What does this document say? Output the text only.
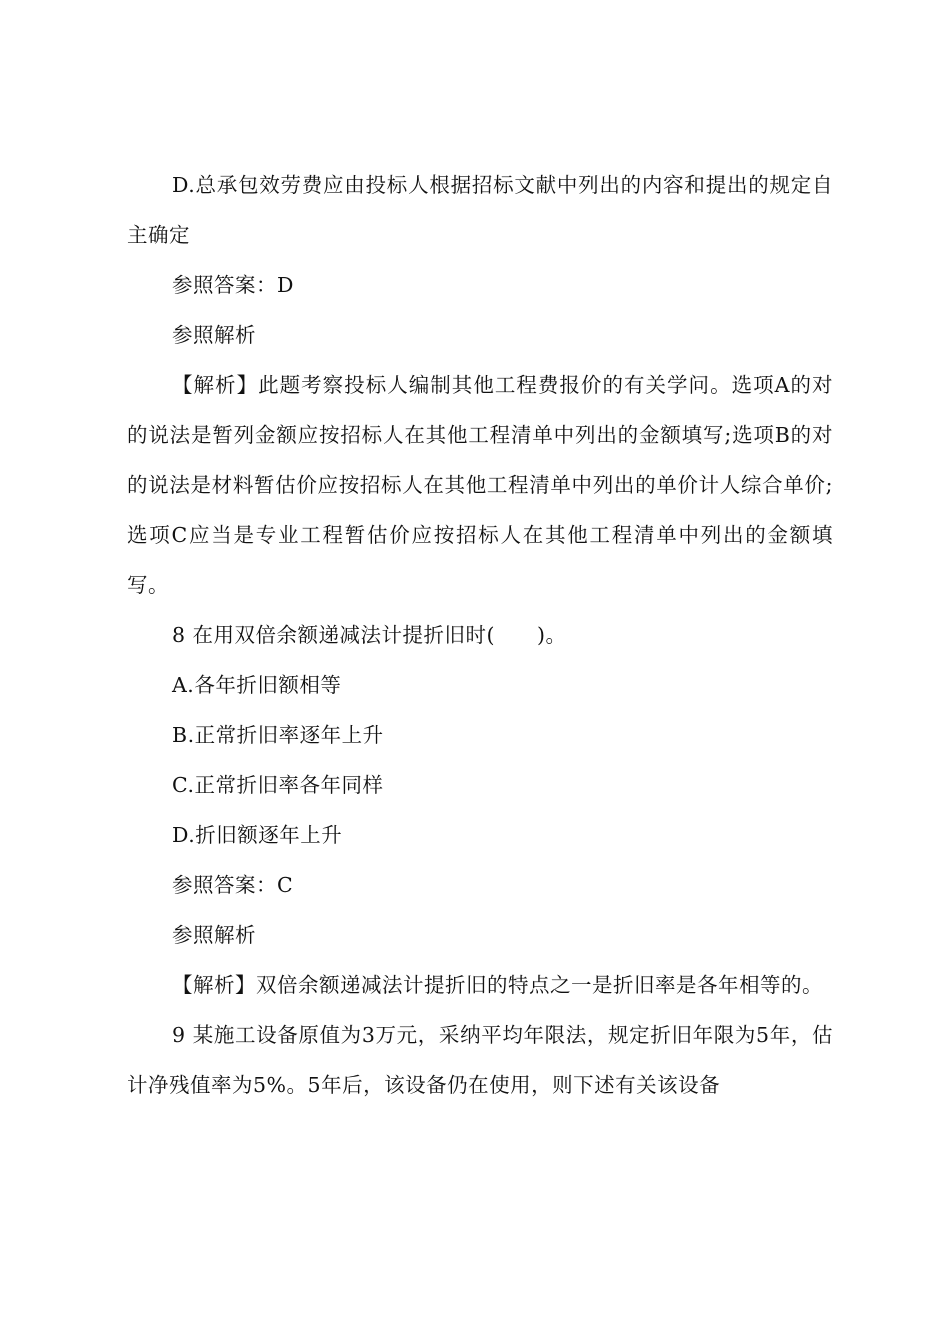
D.总承包效劳费应由投标人根据招标文献中列出的内容和提出的规定自主确定

参照答案：D

参照解析

【解析】此题考察投标人编制其他工程费报价的有关学问。选项A的对的说法是暂列金额应按招标人在其他工程清单中列出的金额填写;选项B的对的说法是材料暂估价应按招标人在其他工程清单中列出的单价计人综合单价;选项C应当是专业工程暂估价应按招标人在其他工程清单中列出的金额填写。

8 在用双倍余额递减法计提折旧时(　　)。

A.各年折旧额相等

B.正常折旧率逐年上升

C.正常折旧率各年同样

D.折旧额逐年上升

参照答案：C

参照解析

【解析】双倍余额递减法计提折旧的特点之一是折旧率是各年相等的。

9 某施工设备原值为3万元，采纳平均年限法，规定折旧年限为5年，估计净残值率为5%。5年后，该设备仍在使用，则下述有关该设备
